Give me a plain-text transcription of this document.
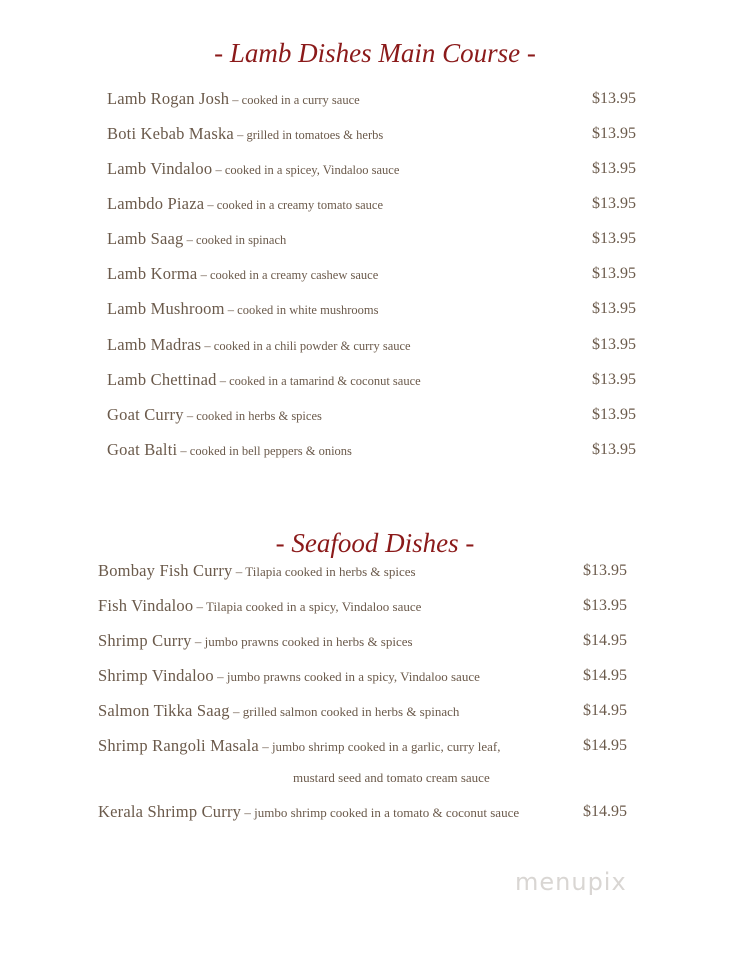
- Lamb Dishes Main Course -
Lamb Rogan Josh – cooked in a curry sauce	$13.95
Boti Kebab Maska – grilled in tomatoes & herbs	$13.95
Lamb Vindaloo – cooked in a spicey, Vindaloo sauce	$13.95
Lambdo Piaza – cooked in a creamy tomato sauce	$13.95
Lamb Saag – cooked in spinach	$13.95
Lamb Korma – cooked in a creamy cashew sauce	$13.95
Lamb Mushroom – cooked in white mushrooms	$13.95
Lamb Madras – cooked in a chili powder & curry sauce	$13.95
Lamb Chettinad – cooked in a tamarind & coconut sauce	$13.95
Goat Curry – cooked in herbs & spices	$13.95
Goat Balti – cooked in bell peppers & onions	$13.95
- Seafood Dishes -
Bombay Fish Curry – Tilapia cooked in herbs & spices	$13.95
Fish Vindaloo – Tilapia cooked in a spicy, Vindaloo sauce	$13.95
Shrimp Curry – jumbo prawns cooked in herbs & spices	$14.95
Shrimp Vindaloo – jumbo prawns cooked in a spicy, Vindaloo sauce	$14.95
Salmon Tikka Saag – grilled salmon cooked in herbs & spinach	$14.95
Shrimp Rangoli Masala – jumbo shrimp cooked in a garlic, curry leaf,	$14.95
mustard seed and tomato cream sauce
Kerala Shrimp Curry – jumbo shrimp cooked in a tomato & coconut sauce	$14.95
menupix
